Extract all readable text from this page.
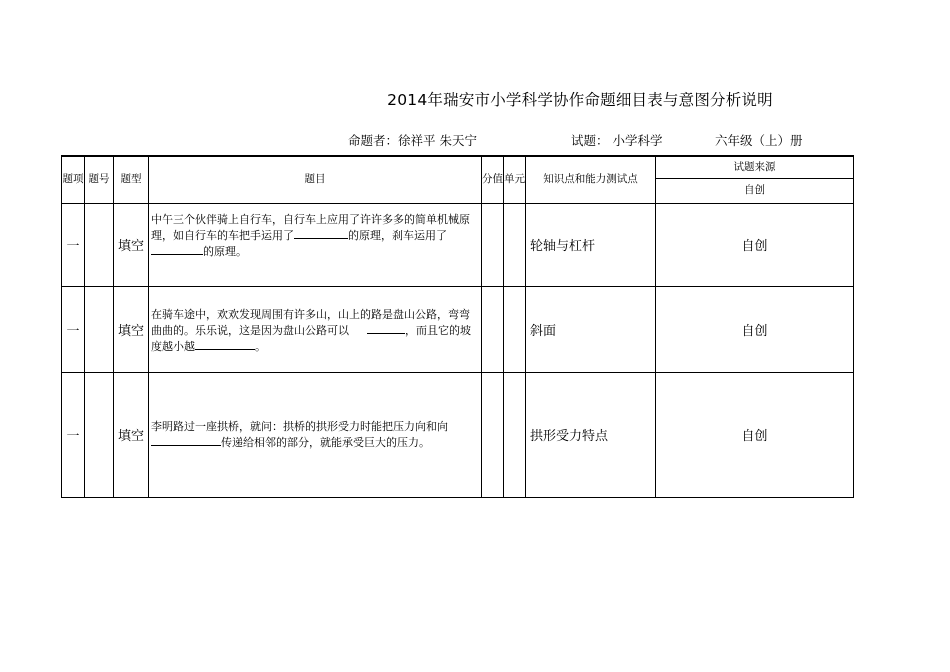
2014年瑞安市小学科学协作命题细目表与意图分析说明
命题者：徐祥平 朱天宁	试题： 小学科学	六年级（上）册
题项	题号	题型	题目	分值	单元	知识点和能力测试点	试题来源
							自创
一		填空	中午三个伙伴骑上自行车，自行车上应用了许许多多的简单机械原理，如自行车的车把手运用了 的原理，刹车运用了的原理。			轮轴与杠杆	自创
一		填空	在骑车途中，欢欢发现周围有许多山，山上的路是盘山公路，弯弯曲曲的。乐乐说，这是因为盘山公路可以 ，而且它的坡度越小越 。			斜面	自创
一		填空	李明路过一座拱桥，就问：拱桥的拱形受力时能把压力向和向传递给相邻的部分，就能承受巨大的压力。			拱形受力特点	自创
